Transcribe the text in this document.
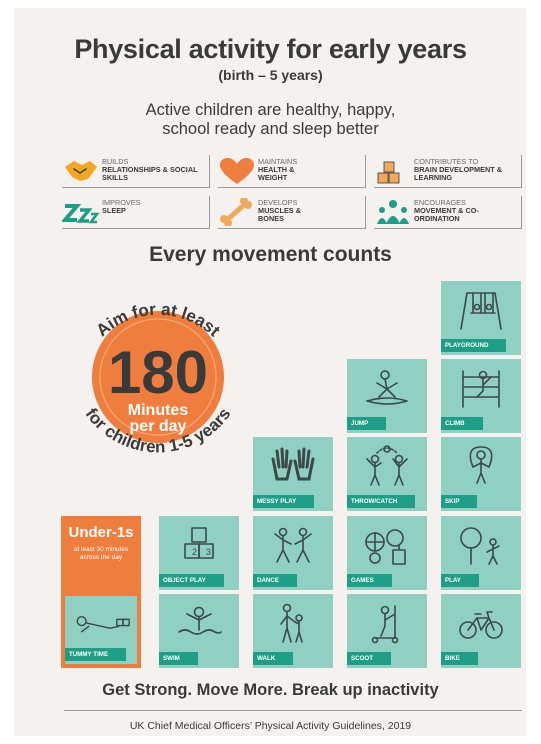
Physical activity for early years
(birth – 5 years)
Active children are healthy, happy, school ready and sleep better
BUILDS
RELATIONSHIPS & SOCIAL SKILLS
MAINTAINS
HEALTH & WEIGHT
CONTRIBUTES TO
BRAIN DEVELOPMENT & LEARNING
IMPROVES
SLEEP
DEVELOPS
MUSCLES & BONES
ENCOURAGES
MOVEMENT & CO-ORDINATION
Every movement counts
Aim for at least
for children 1-5 years
180
Minutes
per day
PLAYGROUND
JUMP	CLIMB
MESSY PLAY	THROW/CATCH	SKIP
2 3
OBJECT PLAY	DANCE	GAMES	PLAY
SWIM	WALK	SCOOT	BIKE
Under-1s
at least 30 minutes across the day
TUMMY TIME
Get Strong. Move More. Break up inactivity
UK Chief Medical Officers’ Physical Activity Guidelines, 2019
